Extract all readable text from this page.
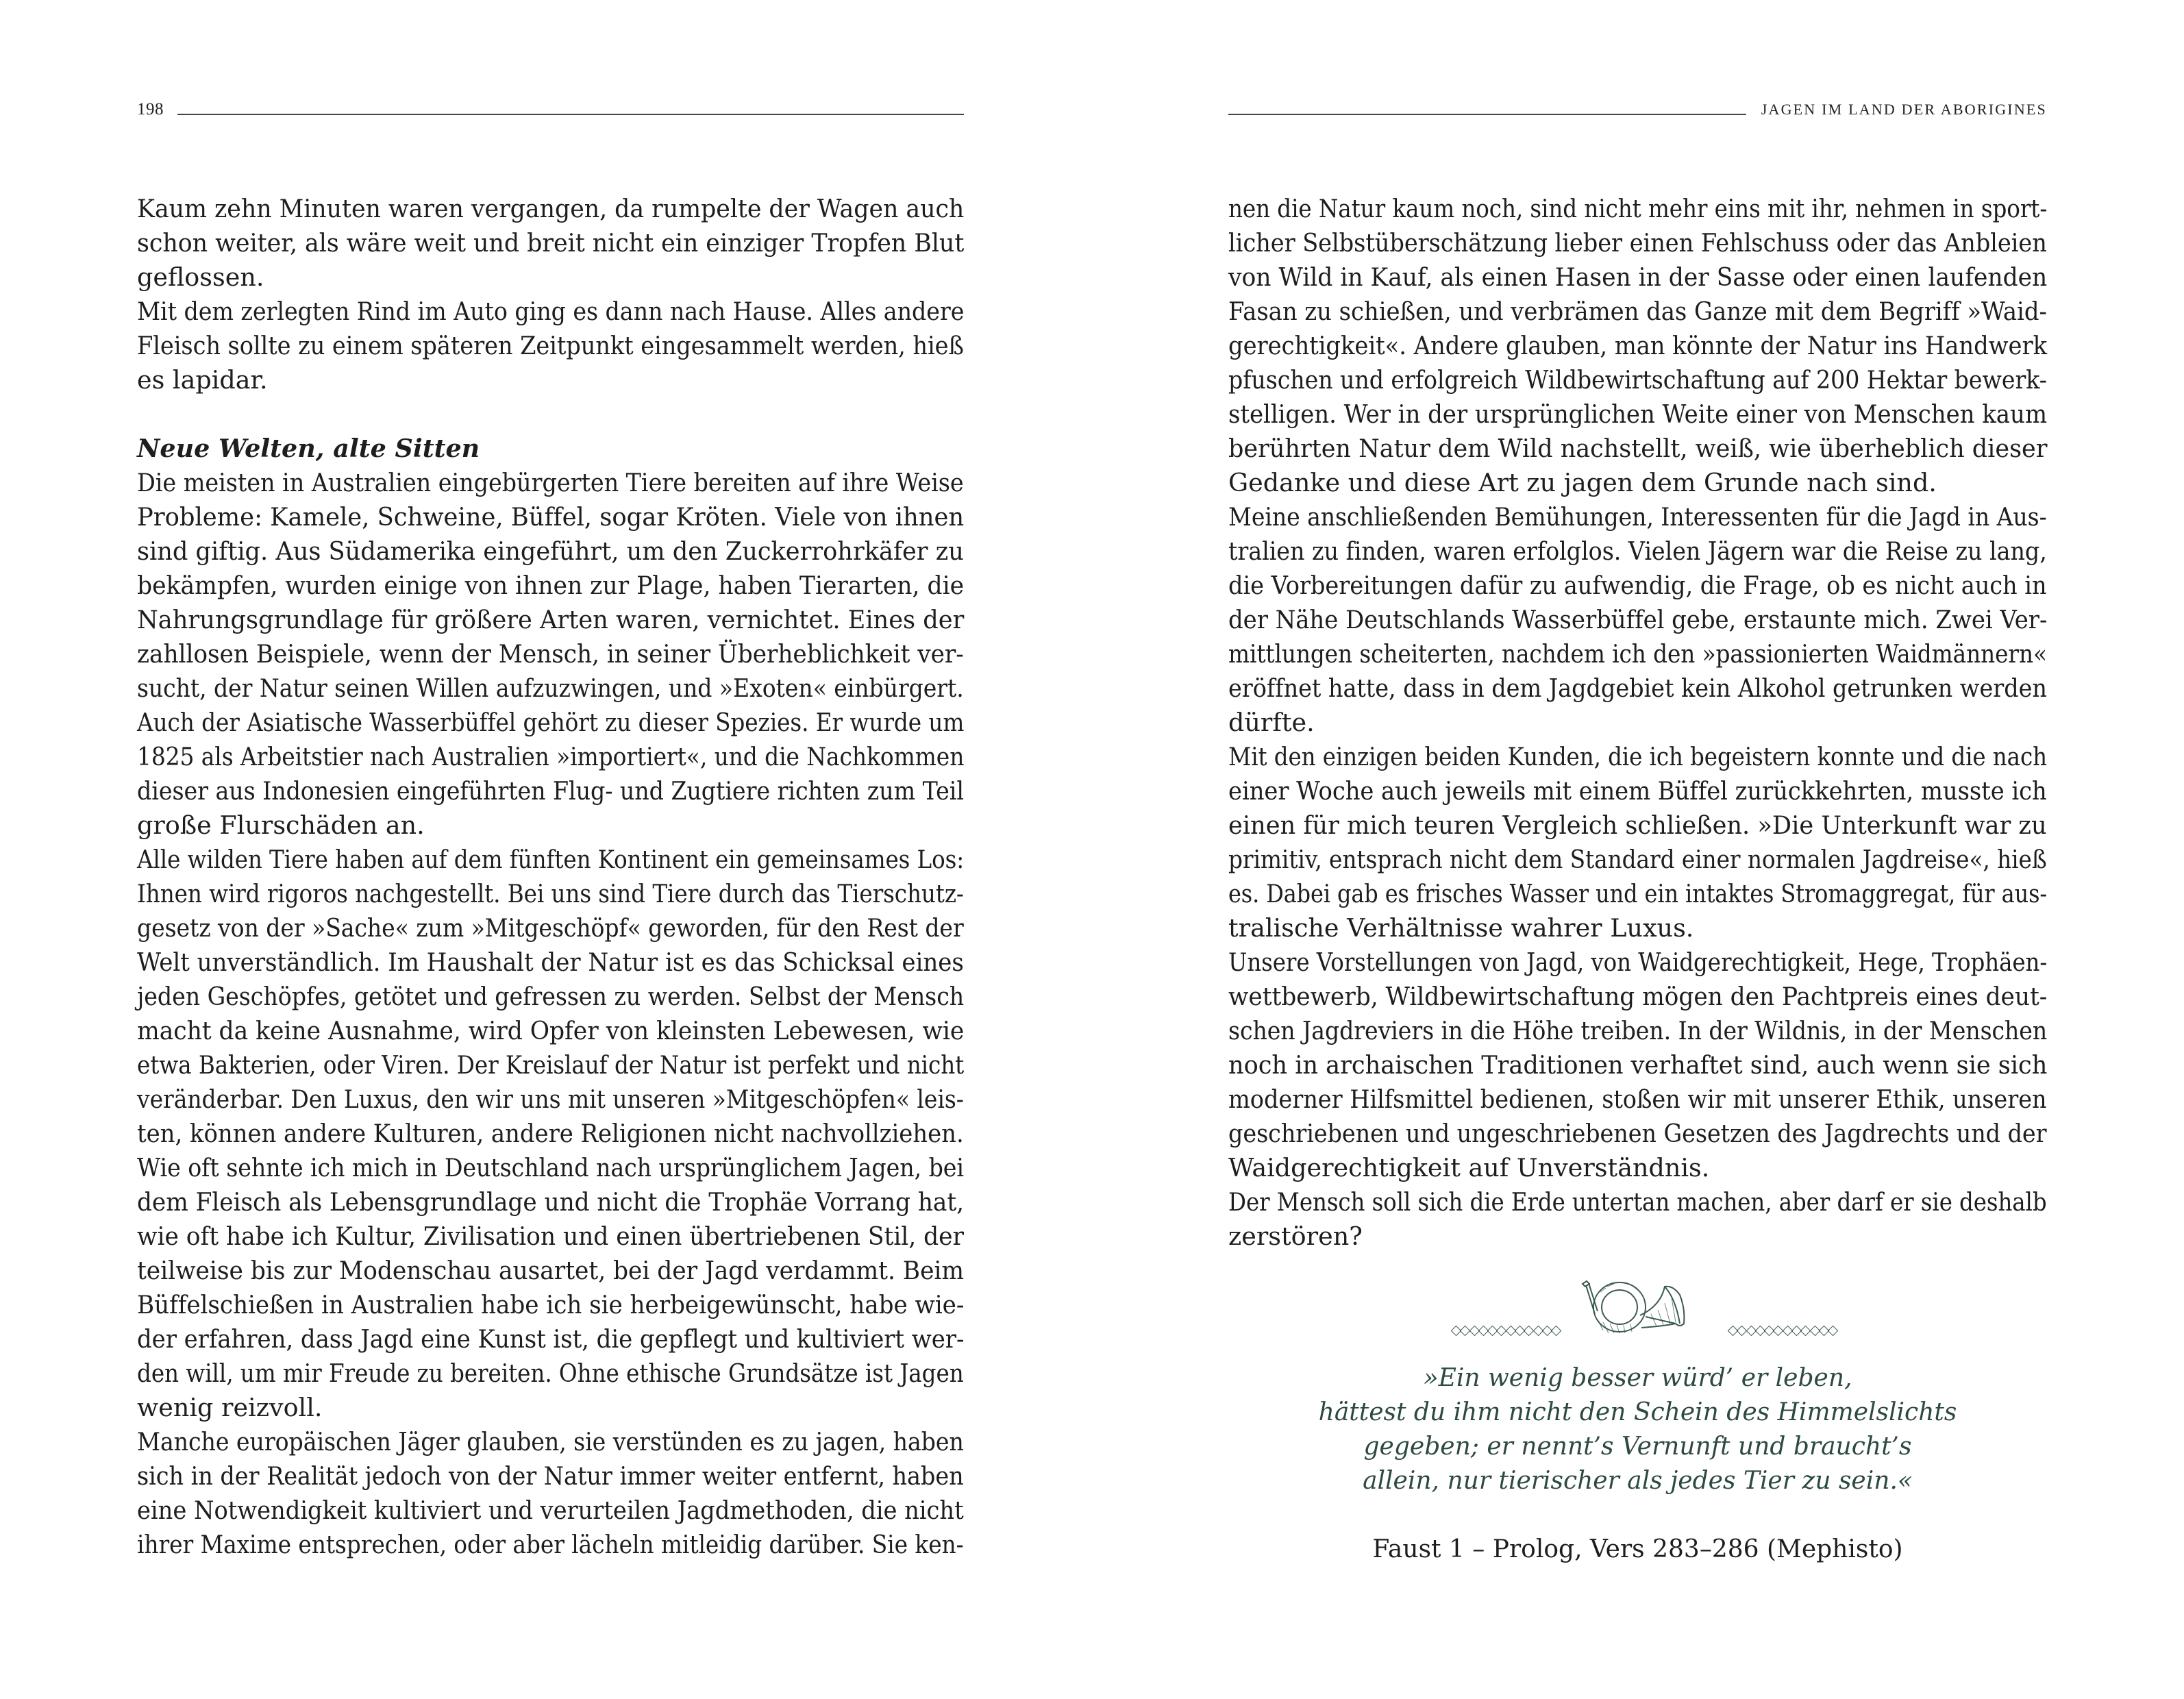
198
Kaum zehn Minuten waren vergangen, da rumpelte der Wagen auch
schon weiter, als wäre weit und breit nicht ein einziger Tropfen Blut
geflossen.
Mit dem zerlegten Rind im Auto ging es dann nach Hause. Alles andere
Fleisch sollte zu einem späteren Zeitpunkt eingesammelt werden, hieß
es lapidar.
Neue Welten, alte Sitten
Die meisten in Australien eingebürgerten Tiere bereiten auf ihre Weise
Probleme: Kamele, Schweine, Büffel, sogar Kröten. Viele von ihnen
sind giftig. Aus Südamerika eingeführt, um den Zuckerrohrkäfer zu
bekämpfen, wurden einige von ihnen zur Plage, haben Tierarten, die
Nahrungsgrundlage für größere Arten waren, vernichtet. Eines der
zahllosen Beispiele, wenn der Mensch, in seiner Überheblichkeit ver-
sucht, der Natur seinen Willen aufzuzwingen, und »Exoten« einbürgert.
Auch der Asiatische Wasserbüffel gehört zu dieser Spezies. Er wurde um
1825 als Arbeitstier nach Australien »importiert«, und die Nachkommen
dieser aus Indonesien eingeführten Flug- und Zugtiere richten zum Teil
große Flurschäden an.
Alle wilden Tiere haben auf dem fünften Kontinent ein gemeinsames Los:
Ihnen wird rigoros nachgestellt. Bei uns sind Tiere durch das Tierschutz-
gesetz von der »Sache« zum »Mitgeschöpf« geworden, für den Rest der
Welt unverständlich. Im Haushalt der Natur ist es das Schicksal eines
jeden Geschöpfes, getötet und gefressen zu werden. Selbst der Mensch
macht da keine Ausnahme, wird Opfer von kleinsten Lebewesen, wie
etwa Bakterien, oder Viren. Der Kreislauf der Natur ist perfekt und nicht
veränderbar. Den Luxus, den wir uns mit unseren »Mitgeschöpfen« leis-
ten, können andere Kulturen, andere Religionen nicht nachvollziehen.
Wie oft sehnte ich mich in Deutschland nach ursprünglichem Jagen, bei
dem Fleisch als Lebensgrundlage und nicht die Trophäe Vorrang hat,
wie oft habe ich Kultur, Zivilisation und einen übertriebenen Stil, der
teilweise bis zur Modenschau ausartet, bei der Jagd verdammt. Beim
Büffelschießen in Australien habe ich sie herbeigewünscht, habe wie-
der erfahren, dass Jagd eine Kunst ist, die gepflegt und kultiviert wer-
den will, um mir Freude zu bereiten. Ohne ethische Grundsätze ist Jagen
wenig reizvoll.
Manche europäischen Jäger glauben, sie verstünden es zu jagen, haben
sich in der Realität jedoch von der Natur immer weiter entfernt, haben
eine Notwendigkeit kultiviert und verurteilen Jagdmethoden, die nicht
ihrer Maxime entsprechen, oder aber lächeln mitleidig darüber. Sie ken-
JAGEN IM LAND DER ABORIGINES
nen die Natur kaum noch, sind nicht mehr eins mit ihr, nehmen in sport-
licher Selbstüberschätzung lieber einen Fehlschuss oder das Anbleien
von Wild in Kauf, als einen Hasen in der Sasse oder einen laufenden
Fasan zu schießen, und verbrämen das Ganze mit dem Begriff »Waid-
gerechtigkeit«. Andere glauben, man könnte der Natur ins Handwerk
pfuschen und erfolgreich Wildbewirtschaftung auf 200 Hektar bewerk-
stelligen. Wer in der ursprünglichen Weite einer von Menschen kaum
berührten Natur dem Wild nachstellt, weiß, wie überheblich dieser
Gedanke und diese Art zu jagen dem Grunde nach sind.
Meine anschließenden Bemühungen, Interessenten für die Jagd in Aus-
tralien zu finden, waren erfolglos. Vielen Jägern war die Reise zu lang,
die Vorbereitungen dafür zu aufwendig, die Frage, ob es nicht auch in
der Nähe Deutschlands Wasserbüffel gebe, erstaunte mich. Zwei Ver-
mittlungen scheiterten, nachdem ich den »passionierten Waidmännern«
eröffnet hatte, dass in dem Jagdgebiet kein Alkohol getrunken werden
dürfte.
Mit den einzigen beiden Kunden, die ich begeistern konnte und die nach
einer Woche auch jeweils mit einem Büffel zurückkehrten, musste ich
einen für mich teuren Vergleich schließen. »Die Unterkunft war zu
primitiv, entsprach nicht dem Standard einer normalen Jagdreise«, hieß
es. Dabei gab es frisches Wasser und ein intaktes Stromaggregat, für aus-
tralische Verhältnisse wahrer Luxus.
Unsere Vorstellungen von Jagd, von Waidgerechtigkeit, Hege, Trophäen-
wettbewerb, Wildbewirtschaftung mögen den Pachtpreis eines deut-
schen Jagdreviers in die Höhe treiben. In der Wildnis, in der Menschen
noch in archaischen Traditionen verhaftet sind, auch wenn sie sich
moderner Hilfsmittel bedienen, stoßen wir mit unserer Ethik, unseren
geschriebenen und ungeschriebenen Gesetzen des Jagdrechts und der
Waidgerechtigkeit auf Unverständnis.
Der Mensch soll sich die Erde untertan machen, aber darf er sie deshalb
zerstören?
»Ein wenig besser würd’ er leben,
hättest du ihm nicht den Schein des Himmelslichts
gegeben; er nennt’s Vernunft und braucht’s
allein, nur tierischer als jedes Tier zu sein.«
Faust 1 – Prolog, Vers 283–286 (Mephisto)
